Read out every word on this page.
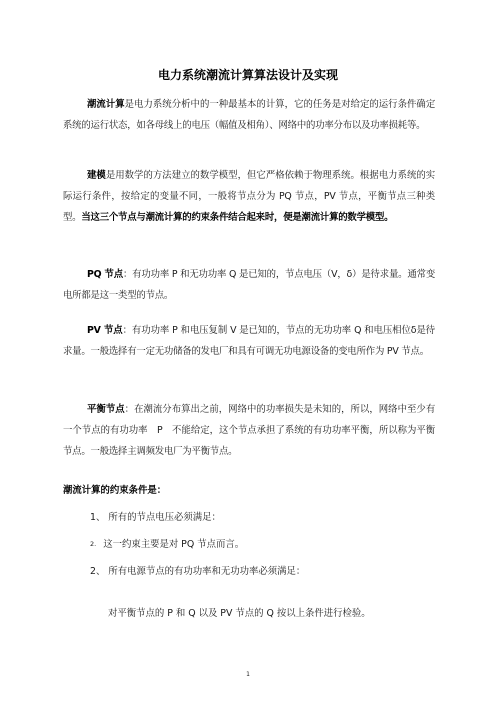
电力系统潮流计算算法设计及实现
潮流计算是电力系统分析中的一种最基本的计算，它的任务是对给定的运行条件确定系统的运行状态，如各母线上的电压（幅值及相角）、网络中的功率分布以及功率损耗等。
建模是用数学的方法建立的数学模型，但它严格依赖于物理系统。根据电力系统的实际运行条件，按给定的变量不同，一般将节点分为 PQ 节点，PV 节点，平衡节点三种类型。当这三个节点与潮流计算的约束条件结合起来时，便是潮流计算的数学模型。
PQ 节点：有功功率 P 和无功功率 Q 是已知的，节点电压（V，δ）是待求量。通常变电所都是这一类型的节点。
PV 节点：有功功率 P 和电压复制 V 是已知的，节点的无功功率 Q 和电压相位δ是待求量。一般选择有一定无功储备的发电厂和具有可调无功电源设备的变电所作为 PV 节点。
平衡节点：在潮流分布算出之前，网络中的功率损失是未知的，所以，网络中至少有一个节点的有功功率　P　不能给定，这个节点承担了系统的有功功率平衡，所以称为平衡节点。一般选择主调频发电厂为平衡节点。
潮流计算的约束条件是：
1、 所有的节点电压必须满足：
2. 这一约束主要是对 PQ 节点而言。
2、 所有电源节点的有功功率和无功功率必须满足：
对平衡节点的 P 和 Q 以及 PV 节点的 Q 按以上条件进行检验。
1
